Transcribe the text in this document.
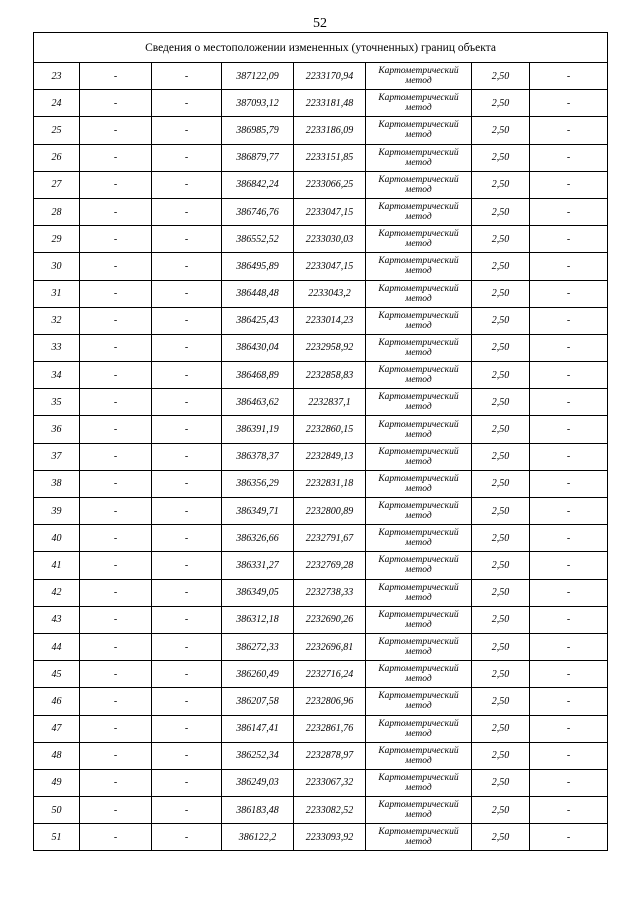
52
Сведения о местоположении измененных (уточненных) границ объекта							
23	-	-	387122,09	2233170,94	Картометрический метод	2,50	-
24	-	-	387093,12	2233181,48	Картометрический метод	2,50	-
25	-	-	386985,79	2233186,09	Картометрический метод	2,50	-
26	-	-	386879,77	2233151,85	Картометрический метод	2,50	-
27	-	-	386842,24	2233066,25	Картометрический метод	2,50	-
28	-	-	386746,76	2233047,15	Картометрический метод	2,50	-
29	-	-	386552,52	2233030,03	Картометрический метод	2,50	-
30	-	-	386495,89	2233047,15	Картометрический метод	2,50	-
31	-	-	386448,48	2233043,2	Картометрический метод	2,50	-
32	-	-	386425,43	2233014,23	Картометрический метод	2,50	-
33	-	-	386430,04	2232958,92	Картометрический метод	2,50	-
34	-	-	386468,89	2232858,83	Картометрический метод	2,50	-
35	-	-	386463,62	2232837,1	Картометрический метод	2,50	-
36	-	-	386391,19	2232860,15	Картометрический метод	2,50	-
37	-	-	386378,37	2232849,13	Картометрический метод	2,50	-
38	-	-	386356,29	2232831,18	Картометрический метод	2,50	-
39	-	-	386349,71	2232800,89	Картометрический метод	2,50	-
40	-	-	386326,66	2232791,67	Картометрический метод	2,50	-
41	-	-	386331,27	2232769,28	Картометрический метод	2,50	-
42	-	-	386349,05	2232738,33	Картометрический метод	2,50	-
43	-	-	386312,18	2232690,26	Картометрический метод	2,50	-
44	-	-	386272,33	2232696,81	Картометрический метод	2,50	-
45	-	-	386260,49	2232716,24	Картометрический метод	2,50	-
46	-	-	386207,58	2232806,96	Картометрический метод	2,50	-
47	-	-	386147,41	2232861,76	Картометрический метод	2,50	-
48	-	-	386252,34	2232878,97	Картометрический метод	2,50	-
49	-	-	386249,03	2233067,32	Картометрический метод	2,50	-
50	-	-	386183,48	2233082,52	Картометрический метод	2,50	-
51	-	-	386122,2	2233093,92	Картометрический метод	2,50	-
